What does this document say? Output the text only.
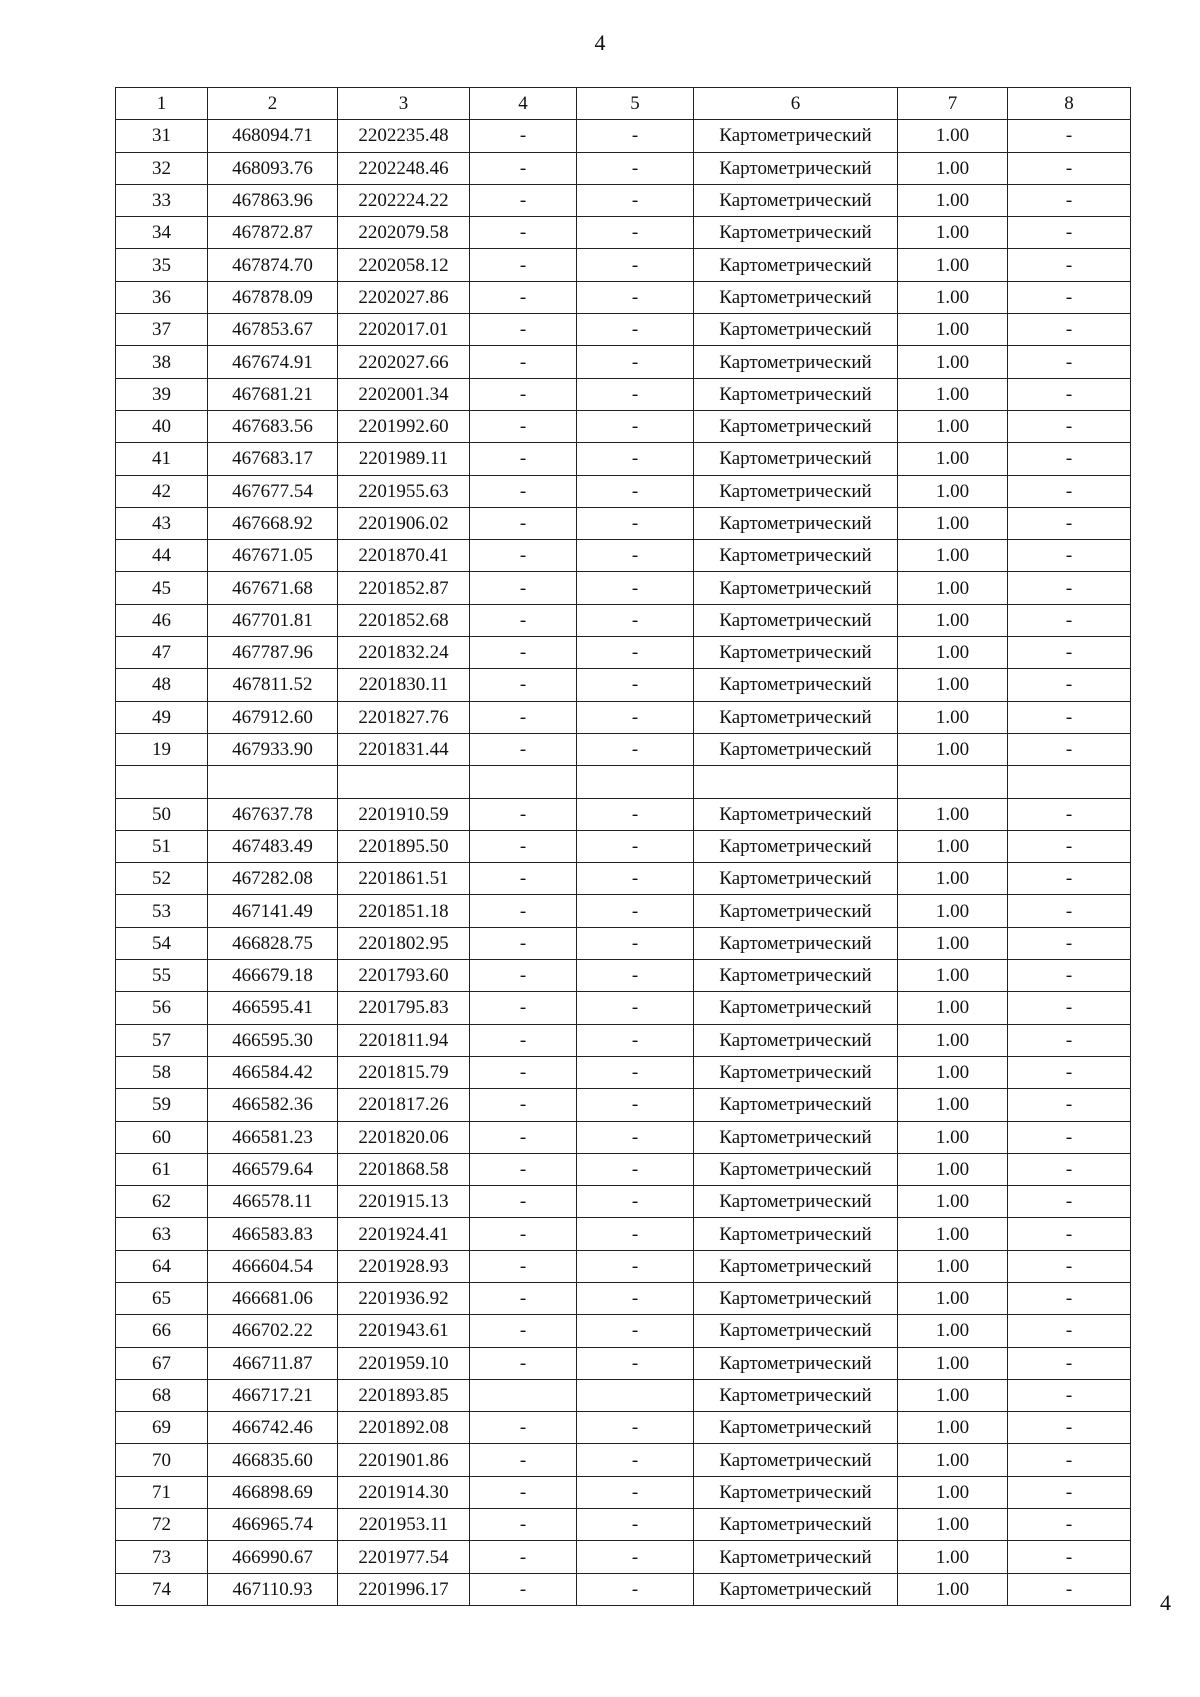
4
1	2	3	4	5	6	7	8
31	468094.71	2202235.48	-	-	Картометрический	1.00	-
32	468093.76	2202248.46	-	-	Картометрический	1.00	-
33	467863.96	2202224.22	-	-	Картометрический	1.00	-
34	467872.87	2202079.58	-	-	Картометрический	1.00	-
35	467874.70	2202058.12	-	-	Картометрический	1.00	-
36	467878.09	2202027.86	-	-	Картометрический	1.00	-
37	467853.67	2202017.01	-	-	Картометрический	1.00	-
38	467674.91	2202027.66	-	-	Картометрический	1.00	-
39	467681.21	2202001.34	-	-	Картометрический	1.00	-
40	467683.56	2201992.60	-	-	Картометрический	1.00	-
41	467683.17	2201989.11	-	-	Картометрический	1.00	-
42	467677.54	2201955.63	-	-	Картометрический	1.00	-
43	467668.92	2201906.02	-	-	Картометрический	1.00	-
44	467671.05	2201870.41	-	-	Картометрический	1.00	-
45	467671.68	2201852.87	-	-	Картометрический	1.00	-
46	467701.81	2201852.68	-	-	Картометрический	1.00	-
47	467787.96	2201832.24	-	-	Картометрический	1.00	-
48	467811.52	2201830.11	-	-	Картометрический	1.00	-
49	467912.60	2201827.76	-	-	Картометрический	1.00	-
19	467933.90	2201831.44	-	-	Картометрический	1.00	-

50	467637.78	2201910.59	-	-	Картометрический	1.00	-
51	467483.49	2201895.50	-	-	Картометрический	1.00	-
52	467282.08	2201861.51	-	-	Картометрический	1.00	-
53	467141.49	2201851.18	-	-	Картометрический	1.00	-
54	466828.75	2201802.95	-	-	Картометрический	1.00	-
55	466679.18	2201793.60	-	-	Картометрический	1.00	-
56	466595.41	2201795.83	-	-	Картометрический	1.00	-
57	466595.30	2201811.94	-	-	Картометрический	1.00	-
58	466584.42	2201815.79	-	-	Картометрический	1.00	-
59	466582.36	2201817.26	-	-	Картометрический	1.00	-
60	466581.23	2201820.06	-	-	Картометрический	1.00	-
61	466579.64	2201868.58	-	-	Картометрический	1.00	-
62	466578.11	2201915.13	-	-	Картометрический	1.00	-
63	466583.83	2201924.41	-	-	Картометрический	1.00	-
64	466604.54	2201928.93	-	-	Картометрический	1.00	-
65	466681.06	2201936.92	-	-	Картометрический	1.00	-
66	466702.22	2201943.61	-	-	Картометрический	1.00	-
67	466711.87	2201959.10	-	-	Картометрический	1.00	-
68	466717.21	2201893.85			Картометрический	1.00	-
69	466742.46	2201892.08	-	-	Картометрический	1.00	-
70	466835.60	2201901.86	-	-	Картометрический	1.00	-
71	466898.69	2201914.30	-	-	Картометрический	1.00	-
72	466965.74	2201953.11	-	-	Картометрический	1.00	-
73	466990.67	2201977.54	-	-	Картометрический	1.00	-
74	467110.93	2201996.17	-	-	Картометрический	1.00	-
4
